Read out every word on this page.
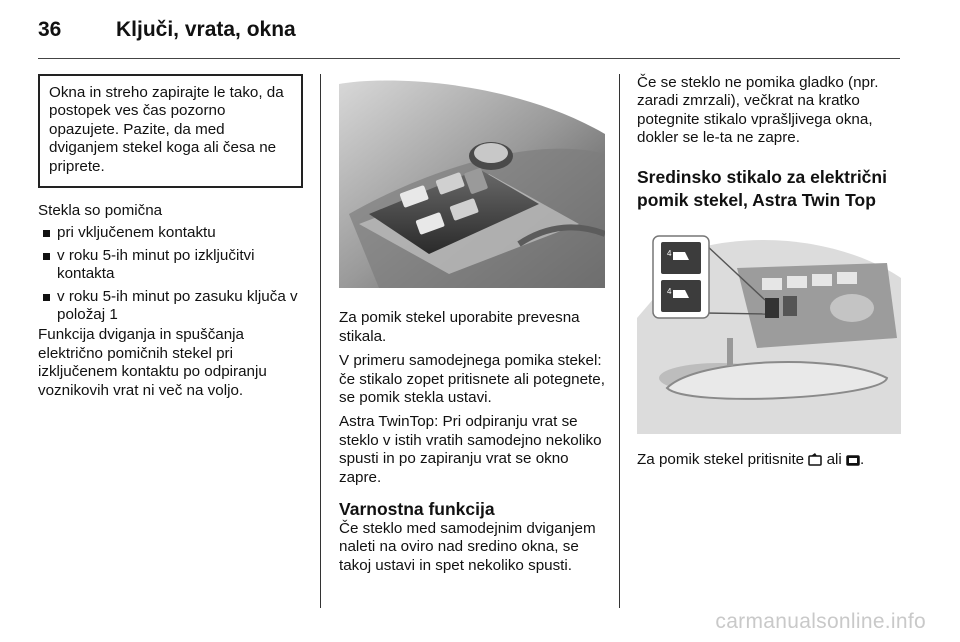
36	Ključi, vrata, okna
Okna in streho zapirajte le tako, da postopek ves čas pozorno opazujete. Pazite, da med dviganjem stekel koga ali česa ne priprete.
Stekla so pomična
pri vključenem kontaktu
v roku 5-ih minut po izključitvi kontakta
v roku 5-ih minut po zasuku ključa v položaj 1

Funkcija dviganja in spuščanja električno pomičnih stekel pri izključenem kontaktu po odpiranju voznikovih vrat ni več na voljo.

Za pomik stekel uporabite prevesna stikala.

V primeru samodejnega pomika stekel: če stikalo zopet pritisnete ali potegnete, se pomik stekla ustavi.

Astra TwinTop: Pri odpiranju vrat se steklo v istih vratih samodejno nekoliko spusti in po zapiranju vrat se okno zapre.

Varnostna funkcija

Če steklo med samodejnim dviganjem naleti na oviro nad sredino okna, se takoj ustavi in spet nekoliko spusti.

Če se steklo ne pomika gladko (npr. zaradi zmrzali), večkrat na kratko potegnite stikalo vprašljivega okna, dokler se le-ta ne zapre.

Sredinsko stikalo za električni pomik stekel, Astra Twin Top
4
4

Za pomik stekel pritisnite ali .

carmanualsonline.info
